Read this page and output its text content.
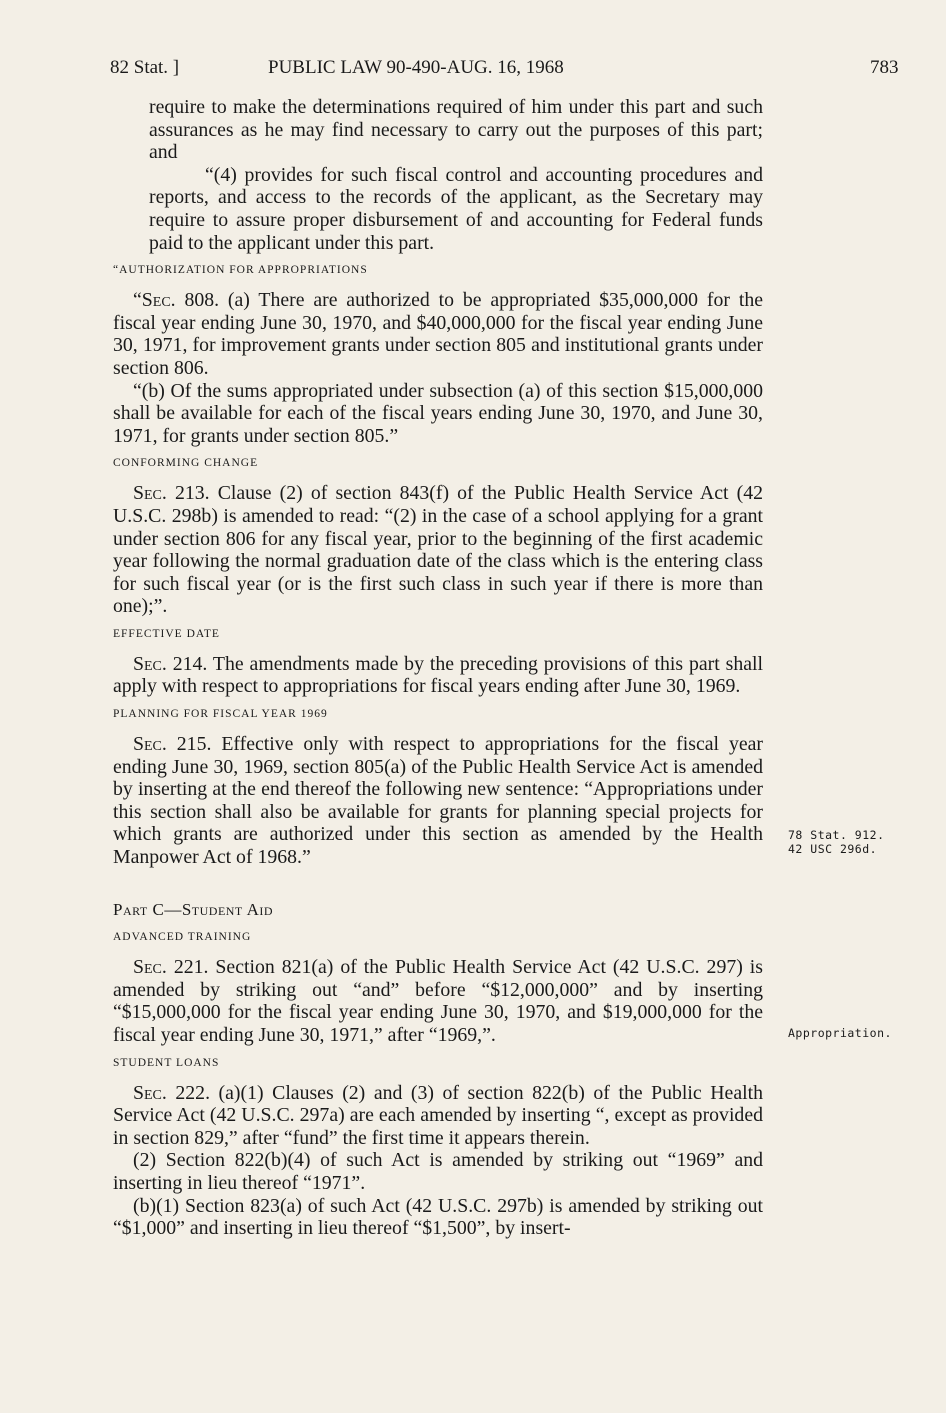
82 Stat. ]	PUBLIC LAW 90-490-AUG. 16, 1968	783

require to make the determinations required of him under this part and such assurances as he may find necessary to carry out the purposes of this part; and

“(4) provides for such fiscal control and accounting procedures and reports, and access to the records of the applicant, as the Secretary may require to assure proper disbursement of and accounting for Federal funds paid to the applicant under this part.

“AUTHORIZATION FOR APPROPRIATIONS

“Sec. 808. (a) There are authorized to be appropriated $35,000,000 for the fiscal year ending June 30, 1970, and $40,000,000 for the fiscal year ending June 30, 1971, for improvement grants under section 805 and institutional grants under section 806.

“(b) Of the sums appropriated under subsection (a) of this section $15,000,000 shall be available for each of the fiscal years ending June 30, 1970, and June 30, 1971, for grants under section 805.”

CONFORMING CHANGE

Sec. 213. Clause (2) of section 843(f) of the Public Health Service Act (42 U.S.C. 298b) is amended to read: “(2) in the case of a school applying for a grant under section 806 for any fiscal year, prior to the beginning of the first academic year following the normal graduation date of the class which is the entering class for such fiscal year (or is the first such class in such year if there is more than one);”.

EFFECTIVE DATE

Sec. 214. The amendments made by the preceding provisions of this part shall apply with respect to appropriations for fiscal years ending after June 30, 1969.

PLANNING FOR FISCAL YEAR 1969

Sec. 215. Effective only with respect to appropriations for the fiscal year ending June 30, 1969, section 805(a) of the Public Health Service Act is amended by inserting at the end thereof the following new sentence: “Appropriations under this section shall also be available for grants for planning special projects for which grants are authorized under this section as amended by the Health Manpower Act of 1968.”

Part C—Student Aid

ADVANCED TRAINING

Sec. 221. Section 821(a) of the Public Health Service Act (42 U.S.C. 297) is amended by striking out “and” before “$12,000,000” and by inserting “$15,000,000 for the fiscal year ending June 30, 1970, and $19,000,000 for the fiscal year ending June 30, 1971,” after “1969,”.

STUDENT LOANS

Sec. 222. (a)(1) Clauses (2) and (3) of section 822(b) of the Public Health Service Act (42 U.S.C. 297a) are each amended by inserting “, except as provided in section 829,” after “fund” the first time it appears therein.

(2) Section 822(b)(4) of such Act is amended by striking out “1969” and inserting in lieu thereof “1971”.

(b)(1) Section 823(a) of such Act (42 U.S.C. 297b) is amended by striking out “$1,000” and inserting in lieu thereof “$1,500”, by insert-

78 Stat. 912.
42 USC 296d.
Appropriation.
